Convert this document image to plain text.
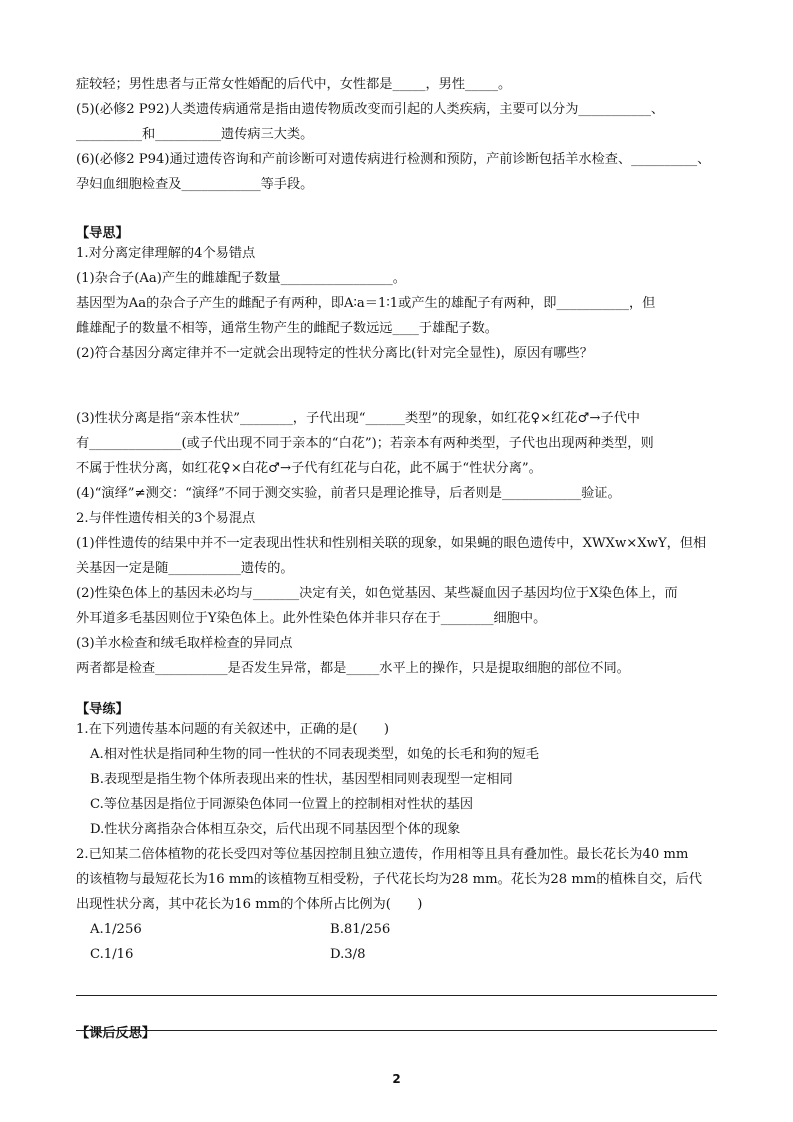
症较轻；男性患者与正常女性婚配的后代中，女性都是_____，男性_____。
(5)(必修2 P92)人类遗传病通常是指由遗传物质改变而引起的人类疾病，主要可以分为___________、
__________和__________遗传病三大类。
(6)(必修2 P94)通过遗传咨询和产前诊断可对遗传病进行检测和预防，产前诊断包括羊水检查、__________、
孕妇血细胞检查及____________等手段。
【导思】
1.对分离定律理解的4个易错点
(1)杂合子(Aa)产生的雌雄配子数量_________________。
基因型为Aa的杂合子产生的雌配子有两种，即A∶a＝1∶1或产生的雄配子有两种，即___________，但
雌雄配子的数量不相等，通常生物产生的雌配子数远远____于雄配子数。
(2)符合基因分离定律并不一定就会出现特定的性状分离比(针对完全显性)，原因有哪些？
(3)性状分离是指“亲本性状”________，子代出现“______类型”的现象，如红花♀×红花♂→子代中
有______________(或子代出现不同于亲本的“白花”)；若亲本有两种类型，子代也出现两种类型，则
不属于性状分离，如红花♀×白花♂→子代有红花与白花，此不属于“性状分离”。
(4)“演绎”≠测交：“演绎”不同于测交实验，前者只是理论推导，后者则是____________验证。
2.与伴性遗传相关的3个易混点
(1)伴性遗传的结果中并不一定表现出性状和性别相关联的现象，如果蝇的眼色遗传中，XWXw×XwY，但相
关基因一定是随___________遗传的。
(2)性染色体上的基因未必均与_______决定有关，如色觉基因、某些凝血因子基因均位于X染色体上，而
外耳道多毛基因则位于Y染色体上。此外性染色体并非只存在于________细胞中。
(3)羊水检查和绒毛取样检查的异同点
两者都是检查___________是否发生异常，都是_____水平上的操作，只是提取细胞的部位不同。
【导练】
1.在下列遗传基本问题的有关叙述中，正确的是(　　)
A.相对性状是指同种生物的同一性状的不同表现类型，如兔的长毛和狗的短毛
B.表现型是指生物个体所表现出来的性状，基因型相同则表现型一定相同
C.等位基因是指位于同源染色体同一位置上的控制相对性状的基因
D.性状分离指杂合体相互杂交，后代出现不同基因型个体的现象
2.已知某二倍体植物的花长受四对等位基因控制且独立遗传，作用相等且具有叠加性。最长花长为40 mm
的该植物与最短花长为16 mm的该植物互相受粉，子代花长均为28 mm。花长为28 mm的植株自交，后代
出现性状分离，其中花长为16 mm的个体所占比例为(　　)
A.1/256	B.81/256
C.1/16	D.3/8
【课后反思】
2
